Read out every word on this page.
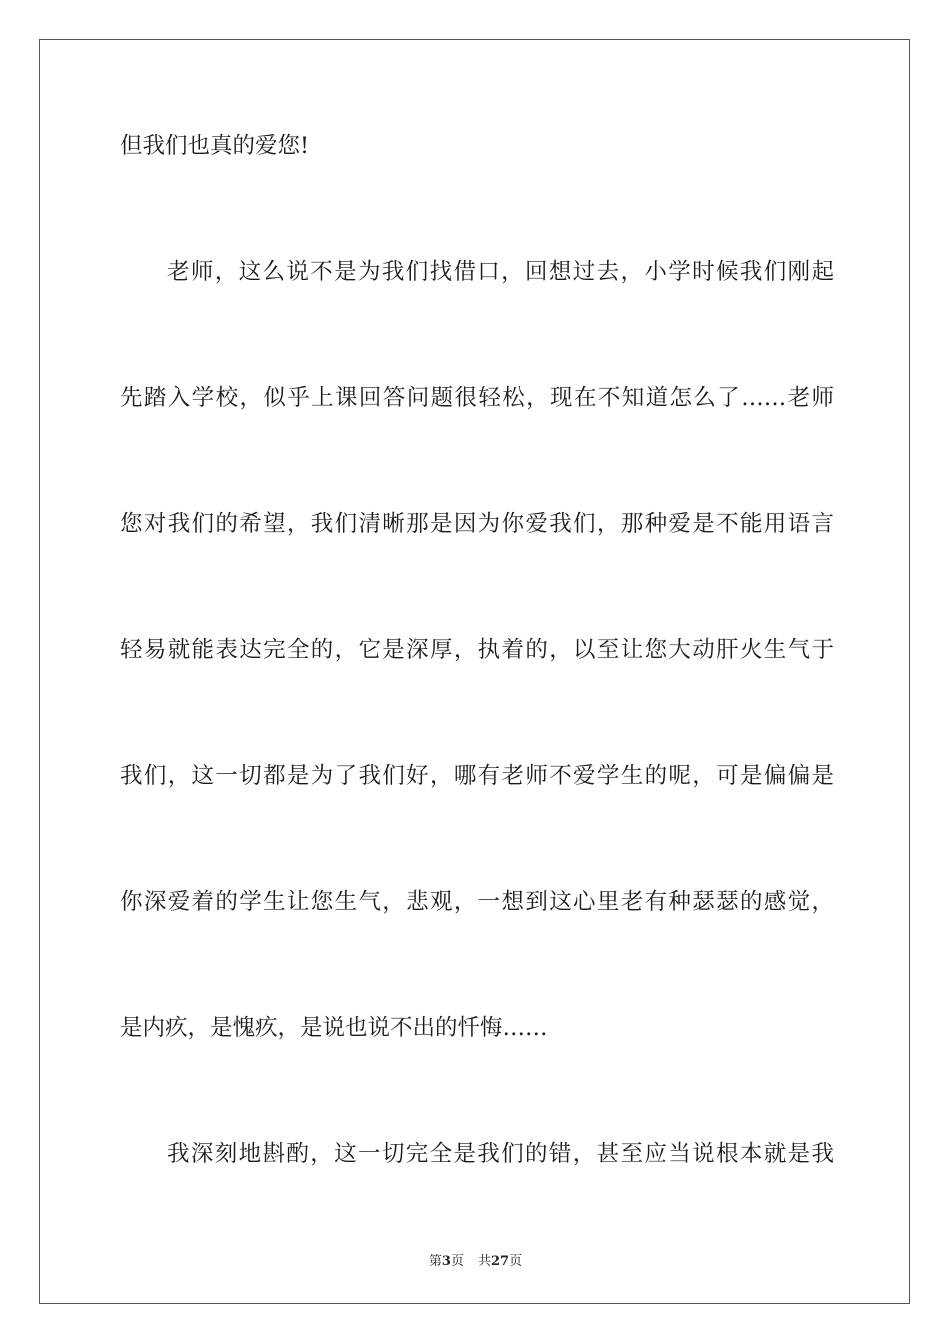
但我们也真的爱您!
老师，这么说不是为我们找借口，回想过去，小学时候我们刚起
先踏入学校，似乎上课回答问题很轻松，现在不知道怎么了……老师
您对我们的希望，我们清晰那是因为你爱我们，那种爱是不能用语言
轻易就能表达完全的，它是深厚，执着的，以至让您大动肝火生气于
我们，这一切都是为了我们好，哪有老师不爱学生的呢，可是偏偏是
你深爱着的学生让您生气，悲观，一想到这心里老有种瑟瑟的感觉，
是内疚，是愧疚，是说也说不出的忏悔……
我深刻地斟酌，这一切完全是我们的错，甚至应当说根本就是我
第3页 共27页
